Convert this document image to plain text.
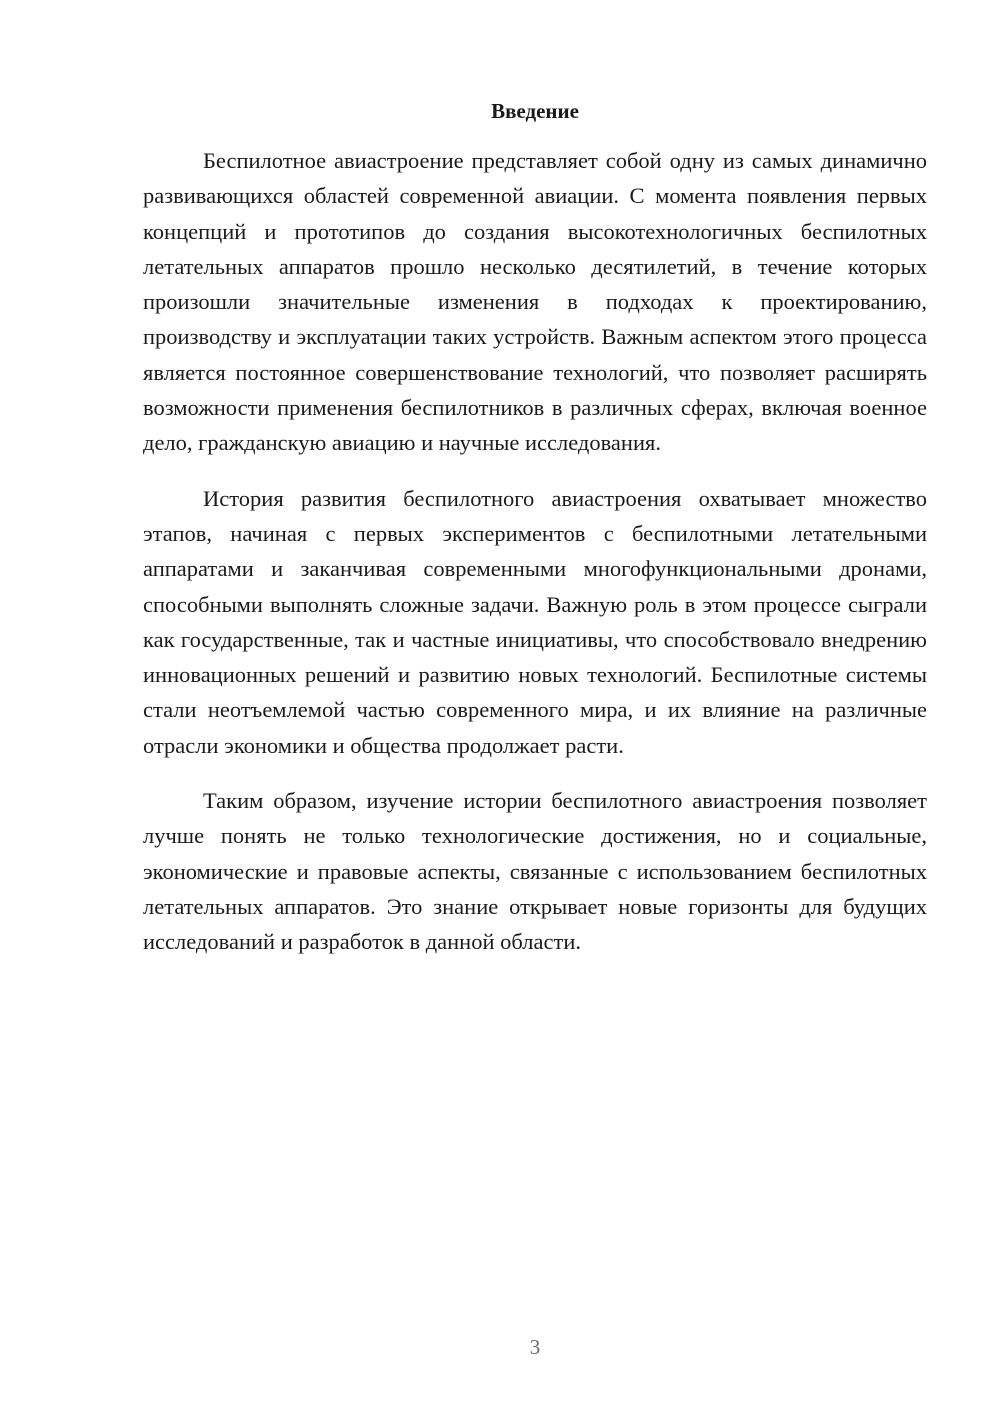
Введение

Беспилотное авиастроение представляет собой одну из самых динамично развивающихся областей современной авиации. С момента появления первых концепций и прототипов до создания высокотехнологичных беспилотных летательных аппаратов прошло несколько десятилетий, в течение которых произошли значительные изменения в подходах к проектированию, производству и эксплуатации таких устройств. Важным аспектом этого процесса является постоянное совершенствование технологий, что позволяет расширять возможности применения беспилотников в различных сферах, включая военное дело, гражданскую авиацию и научные исследования.

История развития беспилотного авиастроения охватывает множество этапов, начиная с первых экспериментов с беспилотными летательными аппаратами и заканчивая современными многофункциональными дронами, способными выполнять сложные задачи. Важную роль в этом процессе сыграли как государственные, так и частные инициативы, что способствовало внедрению инновационных решений и развитию новых технологий. Беспилотные системы стали неотъемлемой частью современного мира, и их влияние на различные отрасли экономики и общества продолжает расти.

Таким образом, изучение истории беспилотного авиастроения позволяет лучше понять не только технологические достижения, но и социальные, экономические и правовые аспекты, связанные с использованием беспилотных летательных аппаратов. Это знание открывает новые горизонты для будущих исследований и разработок в данной области.

3
